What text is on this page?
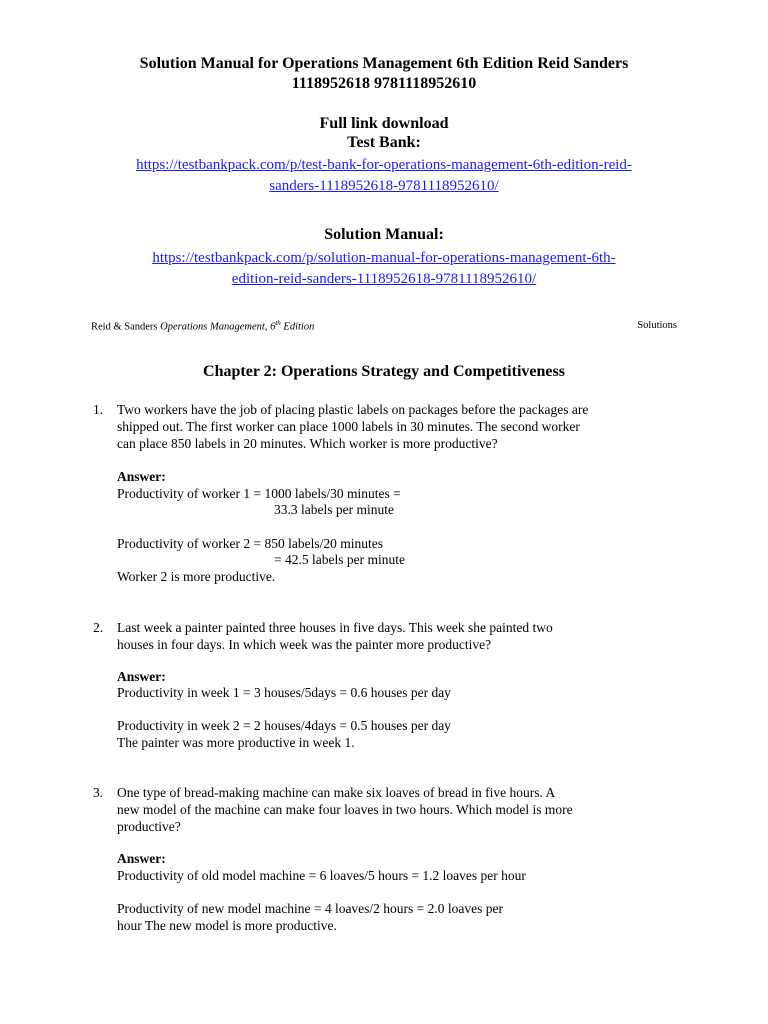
Solution Manual for Operations Management 6th Edition Reid Sanders
1118952618 9781118952610
Full link download
Test Bank:
https://testbankpack.com/p/test-bank-for-operations-management-6th-edition-reid-
sanders-1118952618-9781118952610/
Solution Manual:
https://testbankpack.com/p/solution-manual-for-operations-management-6th-
edition-reid-sanders-1118952618-9781118952610/
Reid & Sanders Operations Management, 6th Edition	Solutions
Chapter 2: Operations Strategy and Competitiveness
1. Two workers have the job of placing plastic labels on packages before the packages are
shipped out. The first worker can place 1000 labels in 30 minutes. The second worker
can place 850 labels in 20 minutes. Which worker is more productive?
Answer:
Productivity of worker 1 = 1000 labels/30 minutes =
33.3 labels per minute
Productivity of worker 2 = 850 labels/20 minutes
= 42.5 labels per minute
Worker 2 is more productive.
2. Last week a painter painted three houses in five days. This week she painted two
houses in four days. In which week was the painter more productive?
Answer:
Productivity in week 1 = 3 houses/5days = 0.6 houses per day
Productivity in week 2 = 2 houses/4days = 0.5 houses per day
The painter was more productive in week 1.
3. One type of bread-making machine can make six loaves of bread in five hours. A
new model of the machine can make four loaves in two hours. Which model is more
productive?
Answer:
Productivity of old model machine = 6 loaves/5 hours = 1.2 loaves per hour
Productivity of new model machine = 4 loaves/2 hours = 2.0 loaves per
hour The new model is more productive.
